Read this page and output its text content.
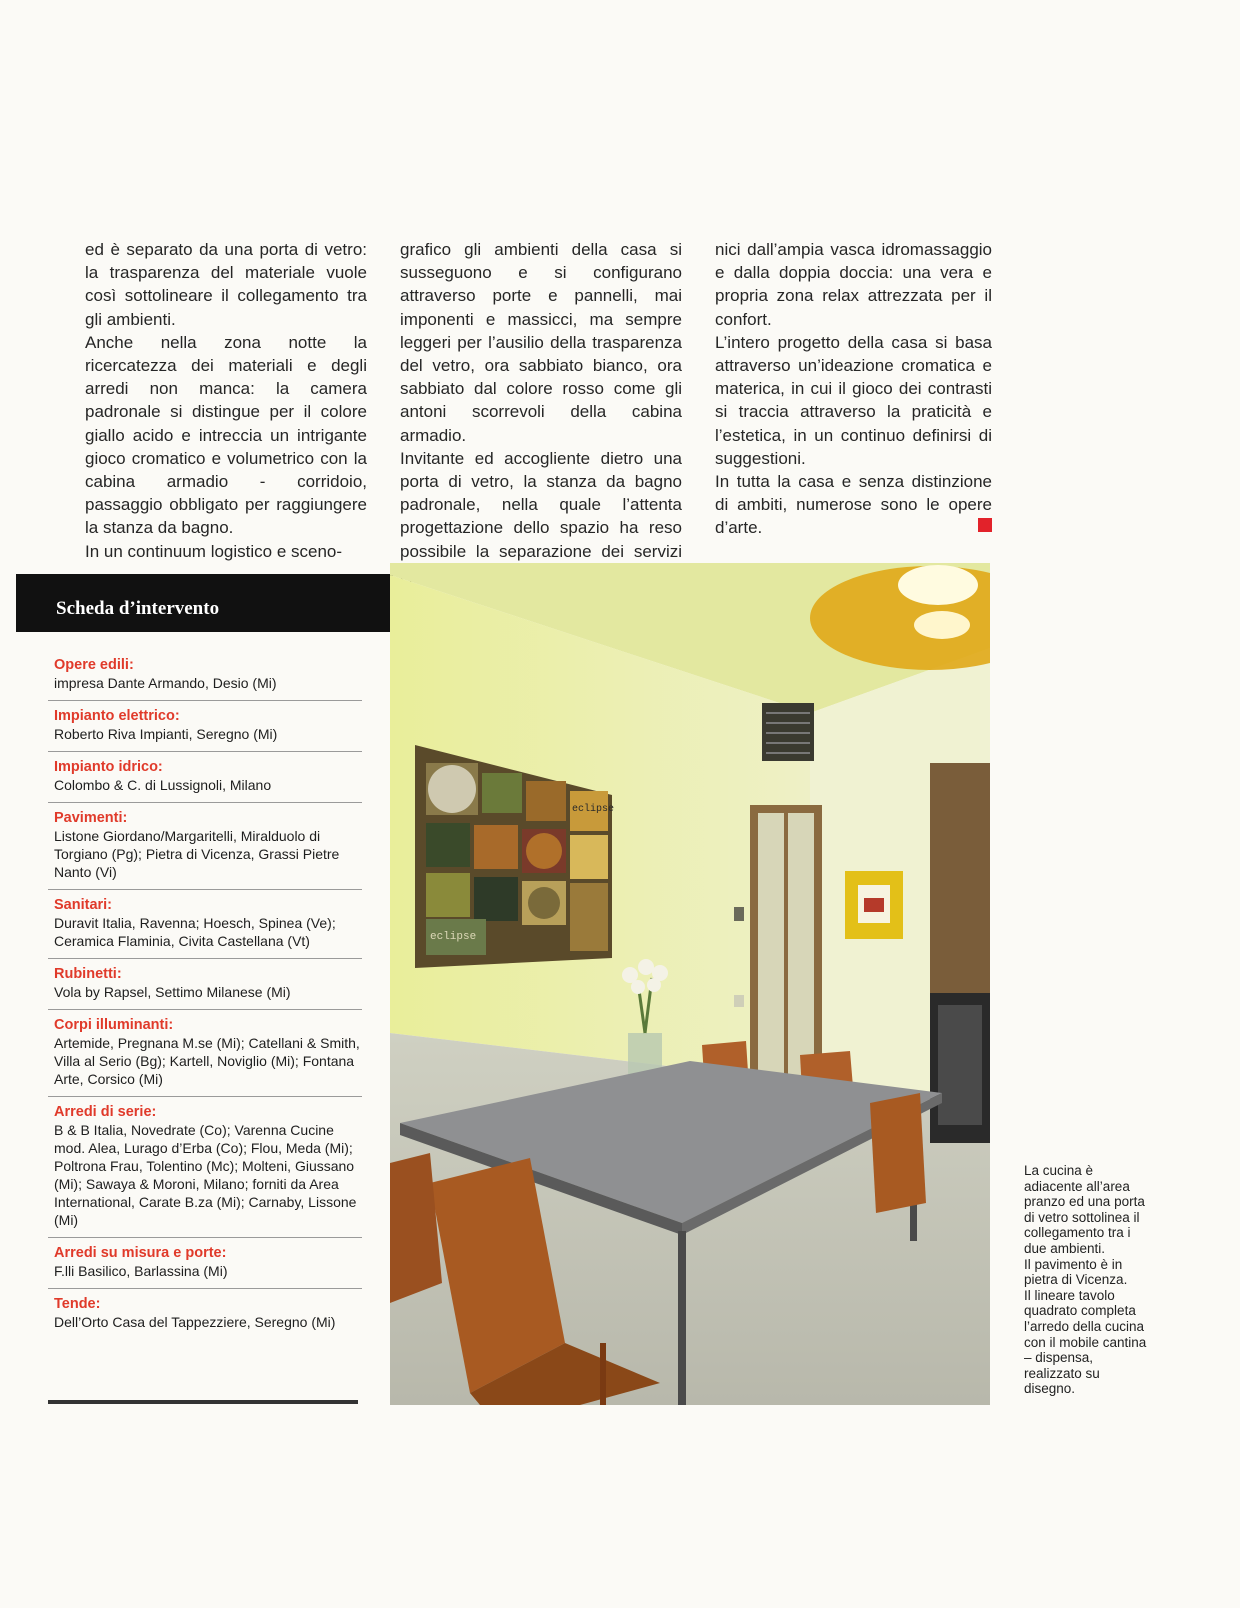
ed è separato da una porta di vetro: la trasparenza del materiale vuole così sottolineare il collegamento tra gli ambienti.

Anche nella zona notte la ricercatezza dei materiali e degli arredi non manca: la camera padronale si distingue per il colore giallo acido e intreccia un intrigante gioco cromatico e volumetrico con la cabina armadio - corridoio, passaggio obbligato per raggiungere la stanza da bagno.

In un continuum logistico e sceno-

grafico gli ambienti della casa si susseguono e si configurano attraverso porte e pannelli, mai imponenti e massicci, ma sempre leggeri per l’ausilio della trasparenza del vetro, ora sabbiato bianco, ora sabbiato dal colore rosso come gli antoni scorrevoli della cabina armadio.

Invitante ed accogliente dietro una porta di vetro, la stanza da bagno padronale, nella quale l’attenta progettazione dello spazio ha reso possibile la separazione dei servizi

nici dall’ampia vasca idromassaggio e dalla doppia doccia: una vera e propria zona relax attrezzata per il confort.

L’intero progetto della casa si basa attraverso un’ideazione cromatica e materica, in cui il gioco dei contrasti si traccia attraverso la praticità e l’estetica, in un continuo definirsi di suggestioni.

In tutta la casa e senza distinzione di ambiti, numerose sono le opere d’arte.

Scheda d’intervento
Opere edili:
impresa Dante Armando, Desio (Mi)
Impianto elettrico:
Roberto Riva Impianti, Seregno (Mi)
Impianto idrico:
Colombo & C. di Lussignoli, Milano
Pavimenti:
Listone Giordano/Margaritelli, Miralduolo di Torgiano (Pg); Pietra di Vicenza, Grassi Pietre Nanto (Vi)
Sanitari:
Duravit Italia, Ravenna; Hoesch, Spinea (Ve); Ceramica Flaminia, Civita Castellana (Vt)
Rubinetti:
Vola by Rapsel, Settimo Milanese (Mi)
Corpi illuminanti:
Artemide, Pregnana M.se (Mi); Catellani & Smith, Villa al Serio (Bg); Kartell, Noviglio (Mi); Fontana Arte, Corsico (Mi)
Arredi di serie:
B & B Italia, Novedrate (Co); Varenna Cucine mod. Alea, Lurago d’Erba (Co); Flou, Meda (Mi); Poltrona Frau, Tolentino (Mc); Molteni, Giussano (Mi); Sawaya & Moroni, Milano; forniti da Area International, Carate B.za (Mi); Carnaby, Lissone (Mi)
Arredi su misura e porte:
F.lli Basilico, Barlassina (Mi)
Tende:
Dell’Orto Casa del Tappezziere, Seregno (Mi)
eclipse
eclipse

La cucina è adiacente all’area pranzo ed una porta di vetro sottolinea il collegamento tra i due ambienti.

Il pavimento è in pietra di Vicenza.

Il lineare tavolo quadrato completa l’arredo della cucina con il mobile cantina – dispensa, realizzato su disegno.
